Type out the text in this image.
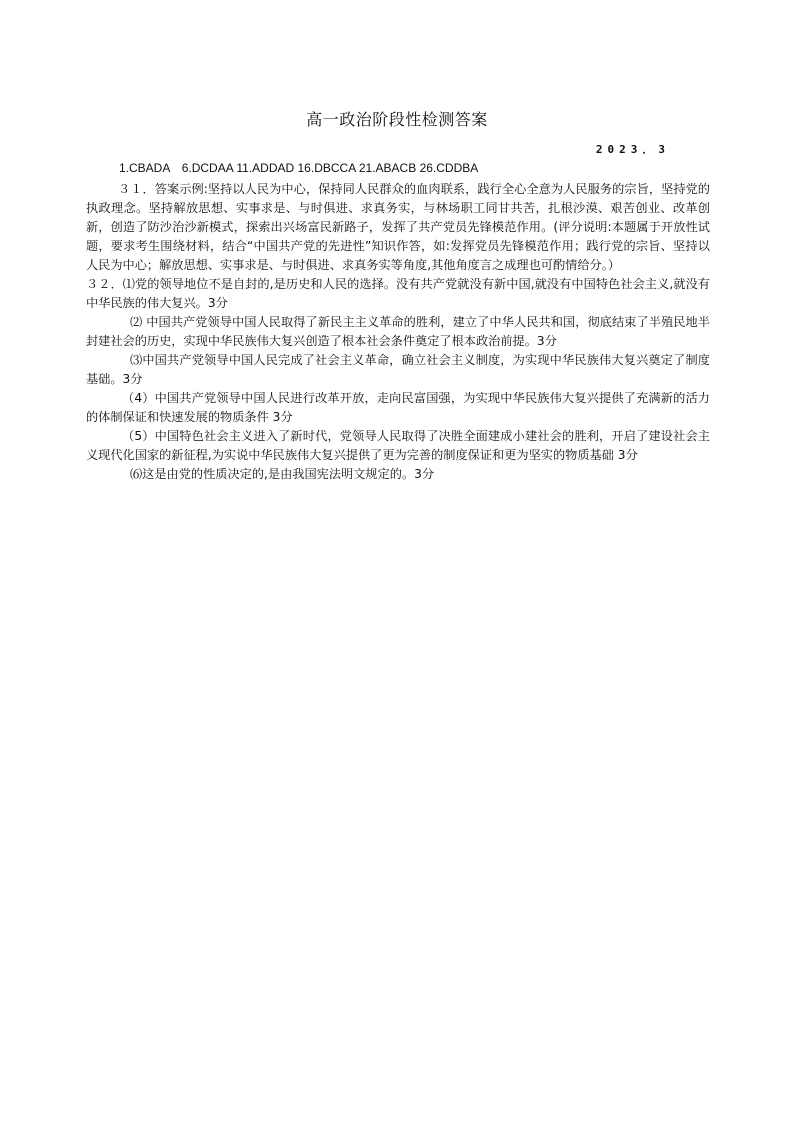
高一政治阶段性检测答案
2023．3
1.CBADA　6.DCDAA 11.ADDAD 16.DBCCA 21.ABACB 26.CDDBA

３１．答案示例:坚持以人民为中心，保持同人民群众的血肉联系，践行全心全意为人民服务的宗旨，坚持党的执政理念。坚持解放思想、实事求是、与时俱进、求真务实，与林场职工同甘共苦，扎根沙漠、艰苦创业、改革创新，创造了防沙治沙新模式，探索出兴场富民新路子，发挥了共产党员先锋模范作用。(评分说明:本题属于开放性试题，要求考生围绕材料，结合“中国共产党的先进性”知识作答，如:发挥党员先锋模范作用；践行党的宗旨、坚持以人民为中心；解放思想、实事求是、与时俱进、求真务实等角度,其他角度言之成理也可酌情给分。）

３２．⑴党的领导地位不是自封的,是历史和人民的选择。没有共产党就没有新中国,就没有中国特色社会主义,就没有中华民族的伟大复兴。3分

⑵ 中国共产党领导中国人民取得了新民主主义革命的胜利，建立了中华人民共和国，彻底结束了半殖民地半封建社会的历史，实现中华民族伟大复兴创造了根本社会条件奠定了根本政治前提。3分

⑶中国共产党领导中国人民完成了社会主义革命，确立社会主义制度，为实现中华民族伟大复兴奠定了制度基础。3分

（4）中国共产党领导中国人民进行改革开放，走向民富国强，为实现中华民族伟大复兴提供了充满新的活力的体制保证和快速发展的物质条件 3分

（5）中国特色社会主义进入了新时代，党领导人民取得了决胜全面建成小建社会的胜利，开启了建设社会主义现代化国家的新征程,为实说中华民族伟大复兴提供了更为完善的制度保证和更为坚实的物质基础 3分

⑹这是由党的性质决定的,是由我国宪法明文规定的。3分
